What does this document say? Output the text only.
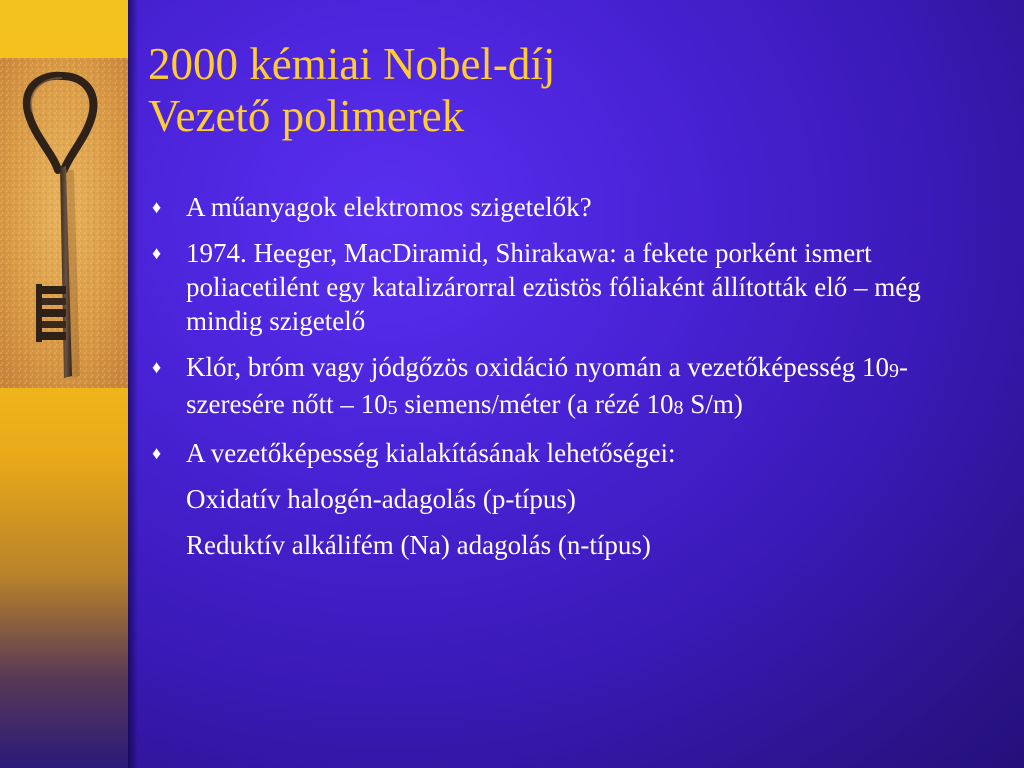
2000 kémiai Nobel-díj
Vezető polimerek
♦ A műanyagok elektromos szigetelők?
♦ 1974. Heeger, MacDiramid, Shirakawa: a fekete porként ismert poliacetilént egy katalizárorral ezüstös fóliaként állították elő – még mindig szigetelő
♦ Klór, bróm vagy jódgőzös oxidáció nyomán a vezetőképesség $10^9$-szeresére nőtt – $10^5$ siemens/méter (a rézé $10^8$ S/m)
♦ A vezetőképesség kialakításának lehetőségei:
Oxidatív halogén-adagolás (p-típus)
Reduktív alkálifém (Na) adagolás (n-típus)
